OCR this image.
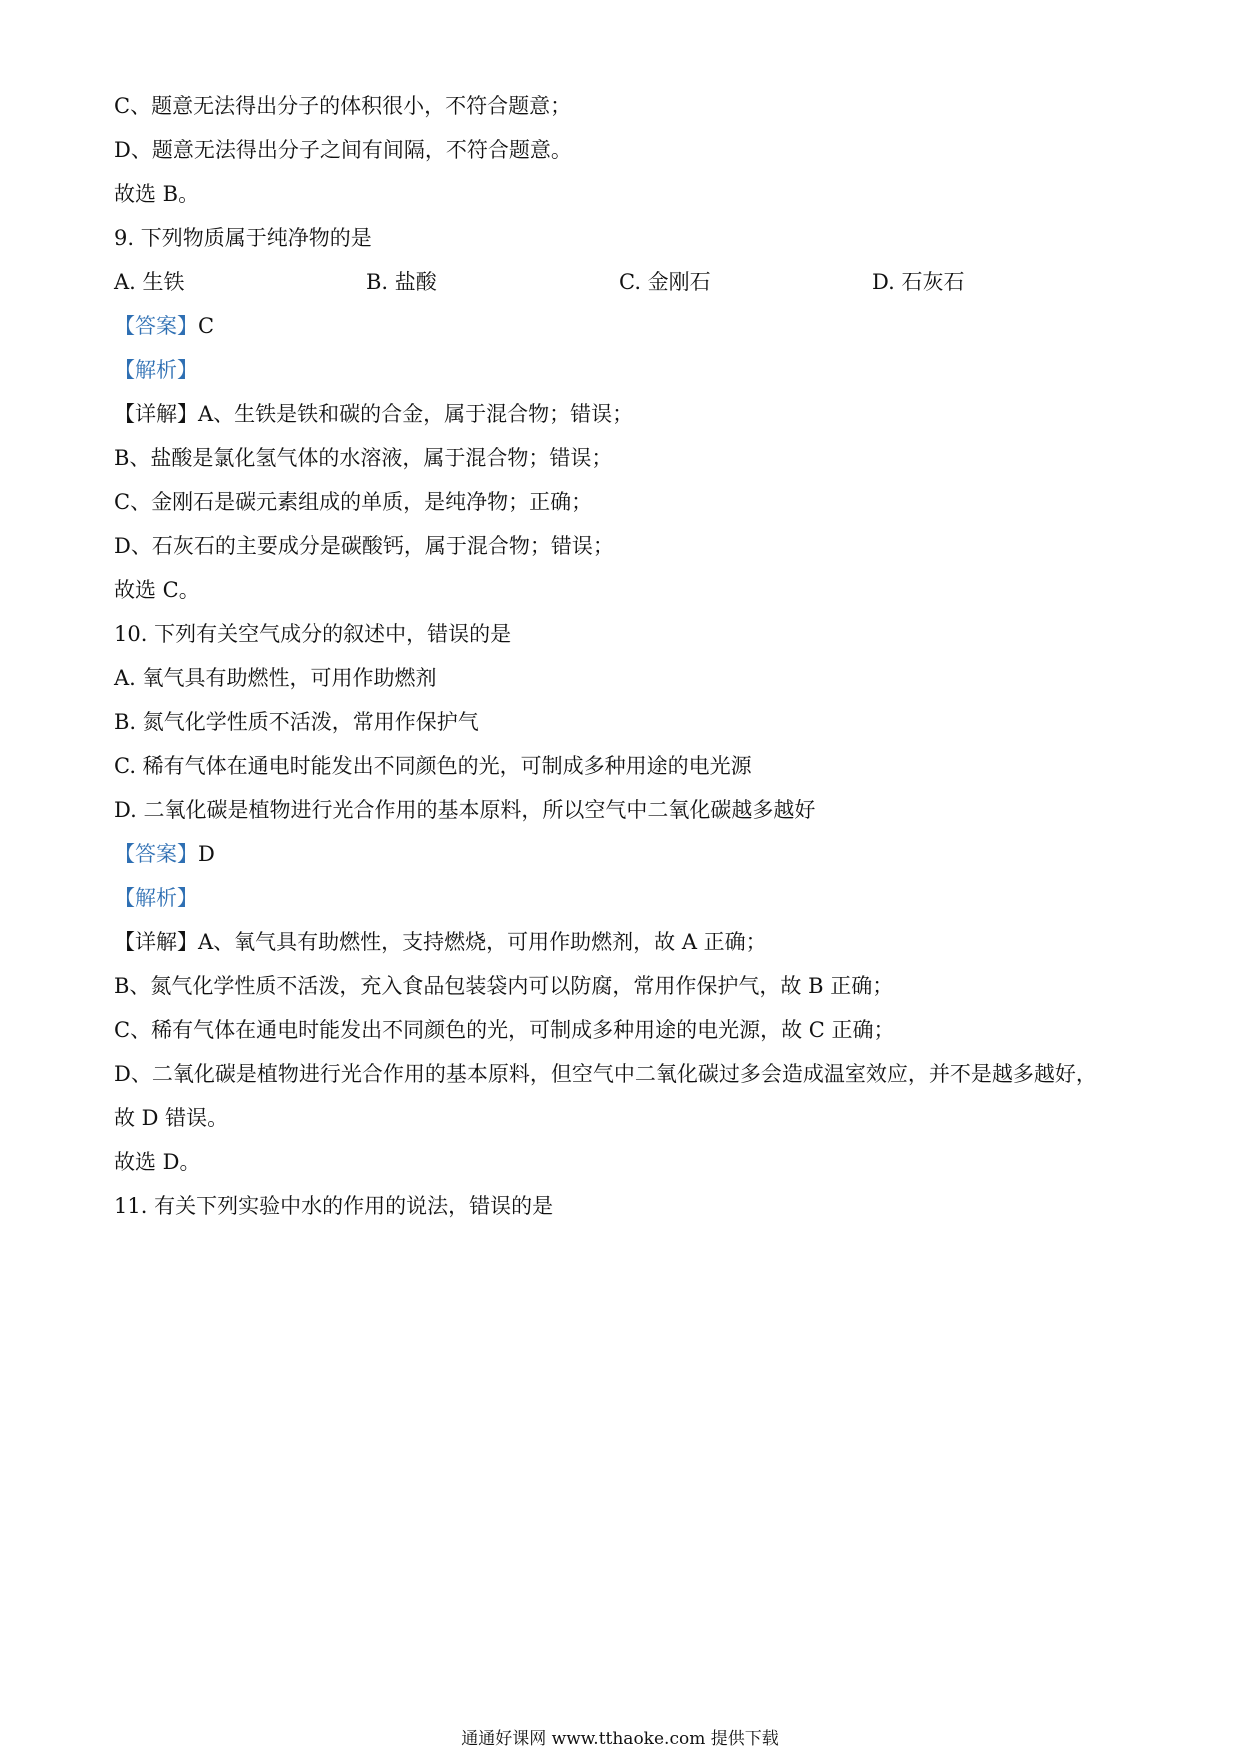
C、题意无法得出分子的体积很小，不符合题意；
D、题意无法得出分子之间有间隔，不符合题意。
故选 B。
9. 下列物质属于纯净物的是
A. 生铁	B. 盐酸	C. 金刚石	D. 石灰石
【答案】C
【解析】
【详解】A、生铁是铁和碳的合金，属于混合物；错误；
B、盐酸是氯化氢气体的水溶液，属于混合物；错误；
C、金刚石是碳元素组成的单质，是纯净物；正确；
D、石灰石的主要成分是碳酸钙，属于混合物；错误；
故选 C。
10. 下列有关空气成分的叙述中，错误的是
A. 氧气具有助燃性，可用作助燃剂
B. 氮气化学性质不活泼，常用作保护气
C. 稀有气体在通电时能发出不同颜色的光，可制成多种用途的电光源
D. 二氧化碳是植物进行光合作用的基本原料，所以空气中二氧化碳越多越好
【答案】D
【解析】
【详解】A、氧气具有助燃性，支持燃烧，可用作助燃剂，故 A 正确；
B、氮气化学性质不活泼，充入食品包装袋内可以防腐，常用作保护气，故 B 正确；
C、稀有气体在通电时能发出不同颜色的光，可制成多种用途的电光源，故 C 正确；
D、二氧化碳是植物进行光合作用的基本原料，但空气中二氧化碳过多会造成温室效应，并不是越多越好，
故 D 错误。
故选 D。
11. 有关下列实验中水的作用的说法，错误的是
通通好课网 www.tthaoke.com 提供下载
